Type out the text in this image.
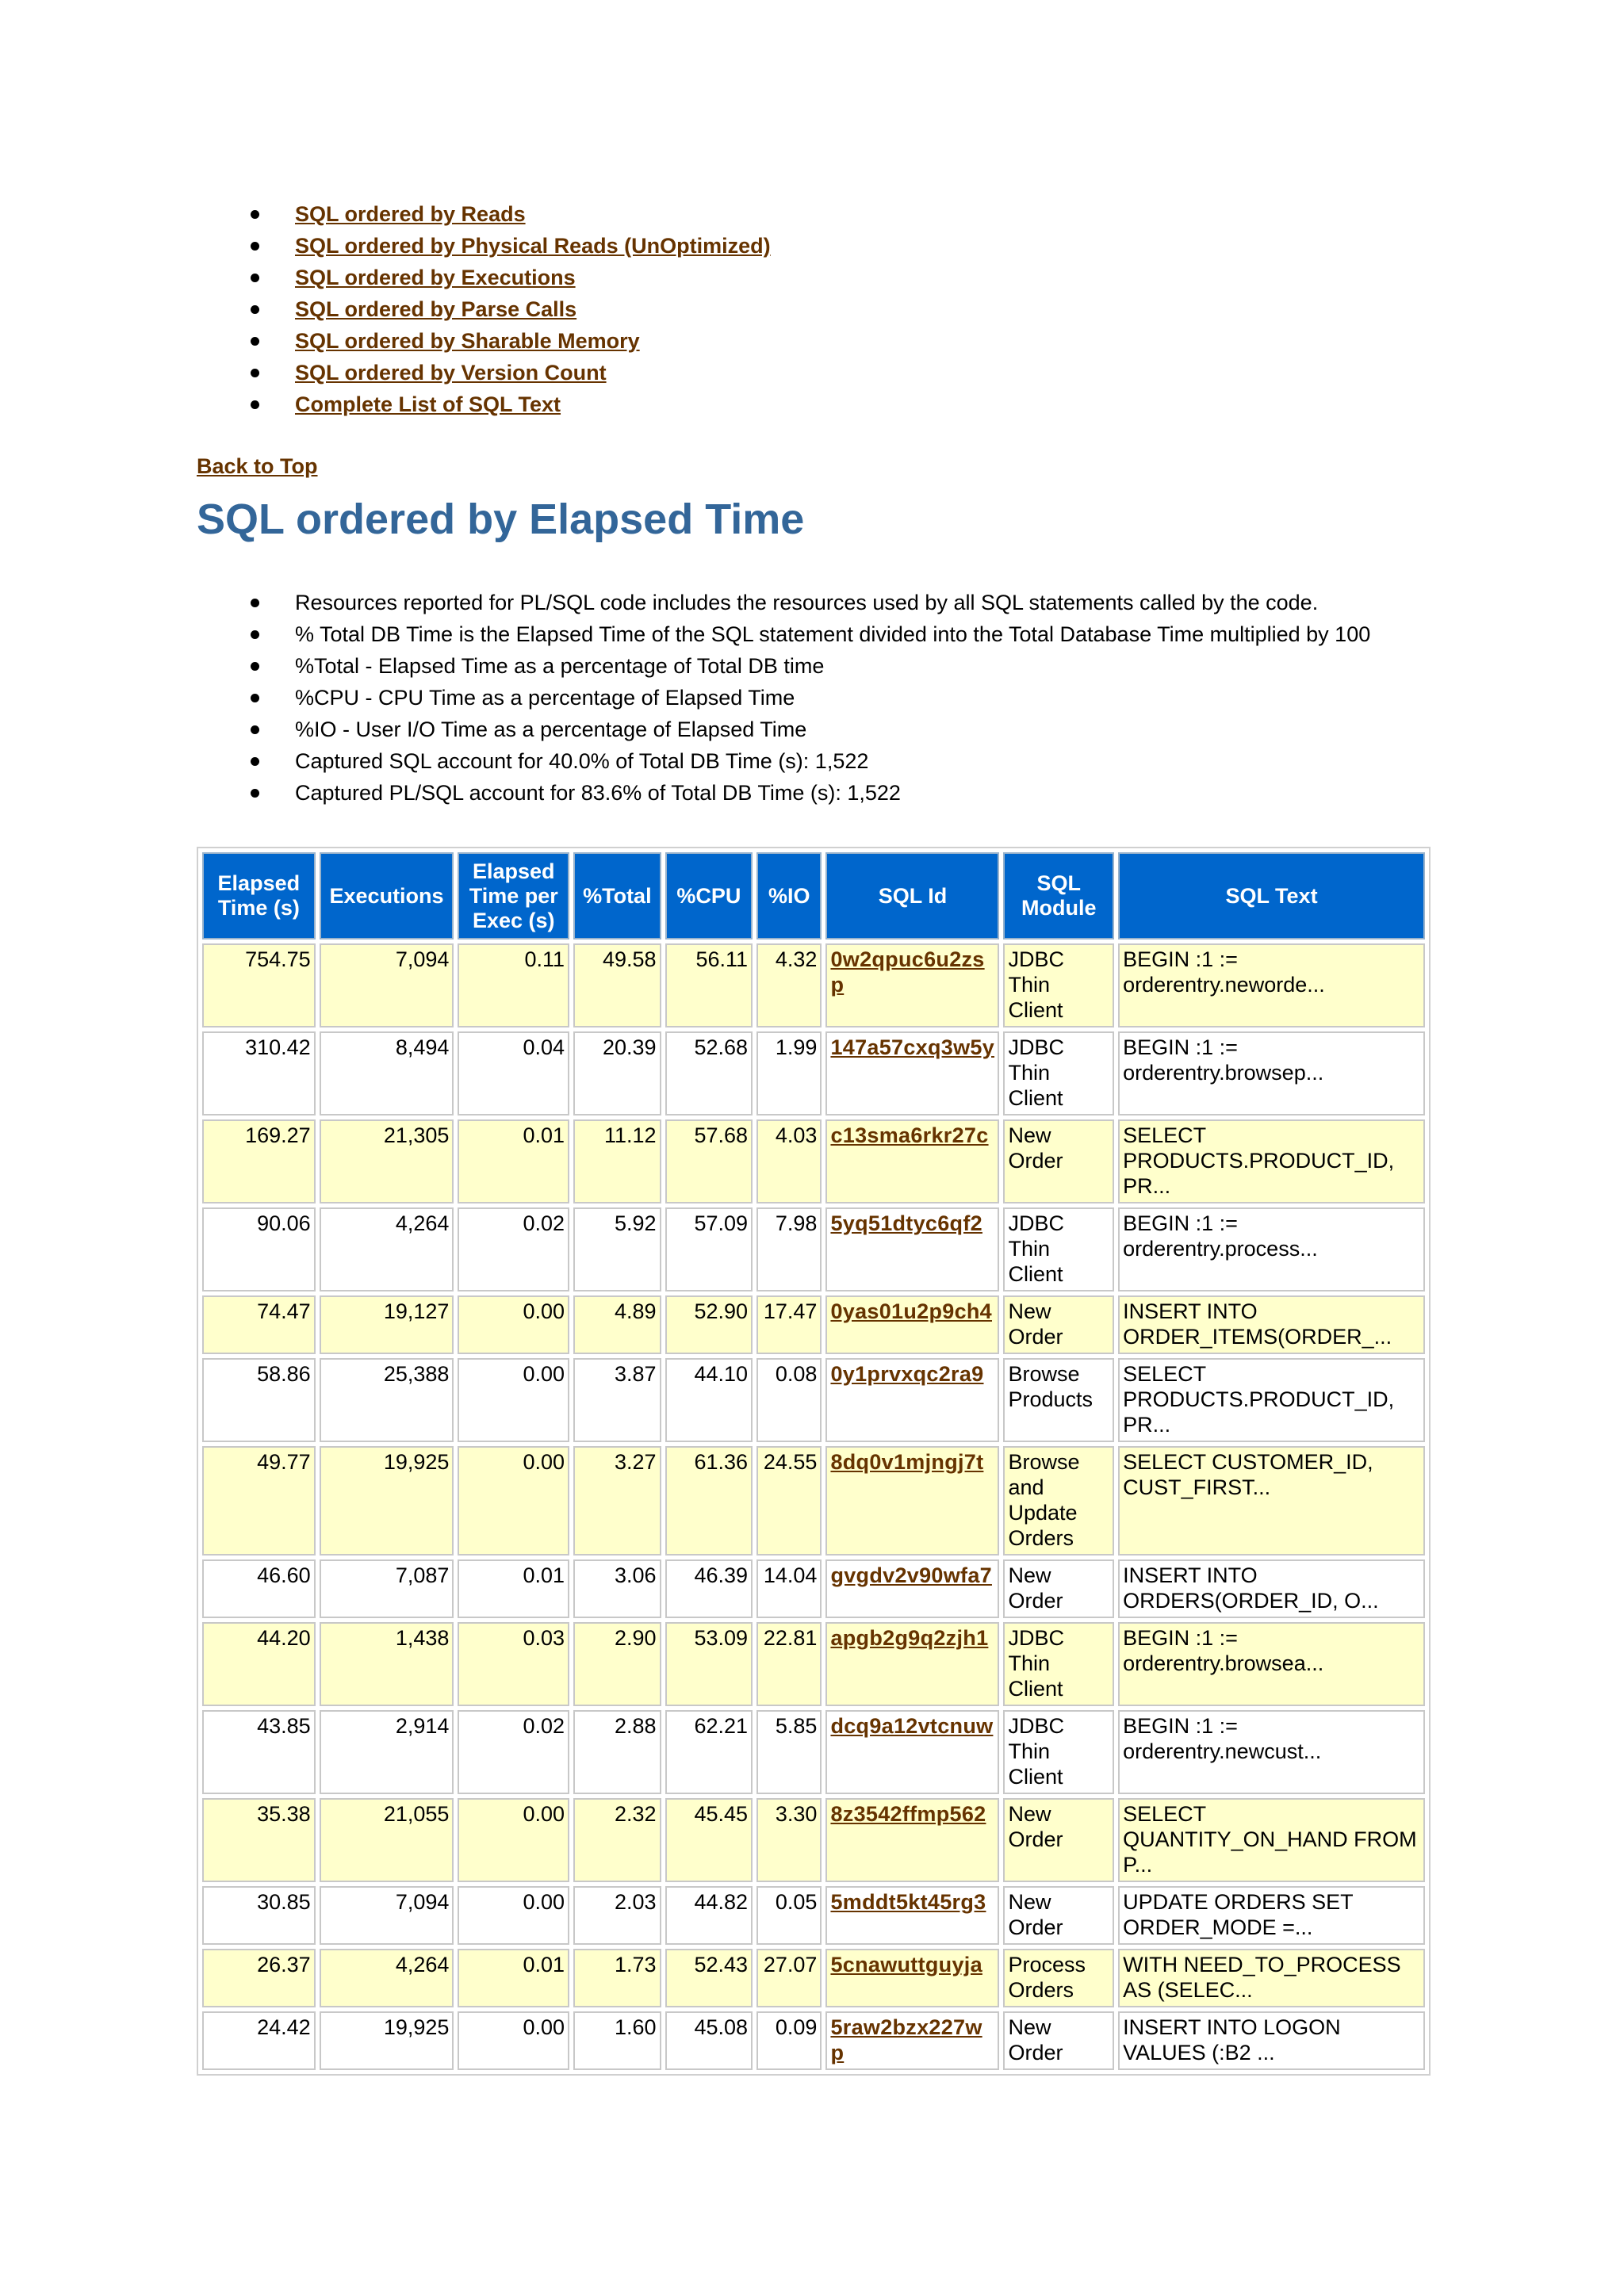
SQL ordered by Reads
SQL ordered by Physical Reads (UnOptimized)
SQL ordered by Executions
SQL ordered by Parse Calls
SQL ordered by Sharable Memory
SQL ordered by Version Count
Complete List of SQL Text
Back to Top
SQL ordered by Elapsed Time
Resources reported for PL/SQL code includes the resources used by all SQL statements called by the code.
% Total DB Time is the Elapsed Time of the SQL statement divided into the Total Database Time multiplied by 100
%Total - Elapsed Time as a percentage of Total DB time
%CPU - CPU Time as a percentage of Elapsed Time
%IO - User I/O Time as a percentage of Elapsed Time
Captured SQL account for 40.0% of Total DB Time (s): 1,522
Captured PL/SQL account for 83.6% of Total DB Time (s): 1,522
Elapsed Time (s)	Executions	Elapsed Time per Exec (s)	%Total	%CPU	%IO	SQL Id	SQL Module	SQL Text
754.75	7,094	0.11	49.58	56.11	4.32	0w2qpuc6u2zsp	JDBC Thin Client	BEGIN :1 := orderentry.neworde...
310.42	8,494	0.04	20.39	52.68	1.99	147a57cxq3w5y	JDBC Thin Client	BEGIN :1 := orderentry.browsep...
169.27	21,305	0.01	11.12	57.68	4.03	c13sma6rkr27c	New Order	SELECT PRODUCTS.PRODUCT_ID, PR...
90.06	4,264	0.02	5.92	57.09	7.98	5yq51dtyc6qf2	JDBC Thin Client	BEGIN :1 := orderentry.process...
74.47	19,127	0.00	4.89	52.90	17.47	0yas01u2p9ch4	New Order	INSERT INTO ORDER_ITEMS(ORDER_...
58.86	25,388	0.00	3.87	44.10	0.08	0y1prvxqc2ra9	Browse Products	SELECT PRODUCTS.PRODUCT_ID, PR...
49.77	19,925	0.00	3.27	61.36	24.55	8dq0v1mjngj7t	Browse and Update Orders	SELECT CUSTOMER_ID, CUST_FIRST...
46.60	7,087	0.01	3.06	46.39	14.04	gvgdv2v90wfa7	New Order	INSERT INTO ORDERS(ORDER_ID, O...
44.20	1,438	0.03	2.90	53.09	22.81	apgb2g9q2zjh1	JDBC Thin Client	BEGIN :1 := orderentry.browsea...
43.85	2,914	0.02	2.88	62.21	5.85	dcq9a12vtcnuw	JDBC Thin Client	BEGIN :1 := orderentry.newcust...
35.38	21,055	0.00	2.32	45.45	3.30	8z3542ffmp562	New Order	SELECT QUANTITY_ON_HAND FROM P...
30.85	7,094	0.00	2.03	44.82	0.05	5mddt5kt45rg3	New Order	UPDATE ORDERS SET ORDER_MODE =...
26.37	4,264	0.01	1.73	52.43	27.07	5cnawuttguyja	Process Orders	WITH NEED_TO_PROCESS AS (SELEC...
24.42	19,925	0.00	1.60	45.08	0.09	5raw2bzx227wp	New Order	INSERT INTO LOGON VALUES (:B2 ...
